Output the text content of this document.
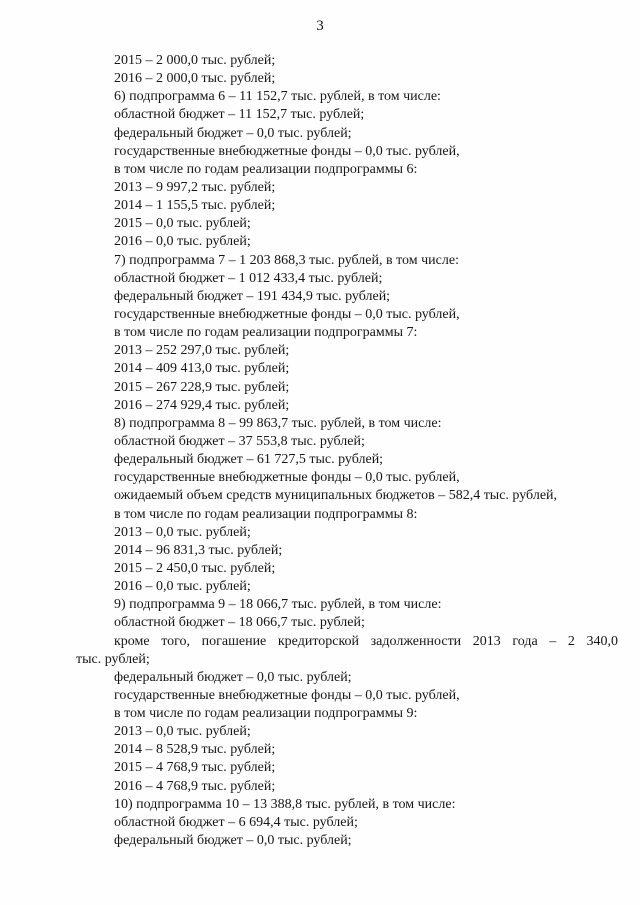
3
2015 – 2 000,0 тыс. рублей;
2016 – 2 000,0 тыс. рублей;
6) подпрограмма 6 – 11 152,7 тыс. рублей, в том числе:
областной бюджет – 11 152,7 тыс. рублей;
федеральный бюджет – 0,0 тыс. рублей;
государственные внебюджетные фонды – 0,0 тыс. рублей,
в том числе по годам реализации подпрограммы 6:
2013 – 9 997,2 тыс. рублей;
2014 – 1 155,5 тыс. рублей;
2015 – 0,0 тыс. рублей;
2016 – 0,0 тыс. рублей;
7) подпрограмма 7 – 1 203 868,3 тыс. рублей, в том числе:
областной бюджет – 1 012 433,4 тыс. рублей;
федеральный бюджет – 191 434,9 тыс. рублей;
государственные внебюджетные фонды – 0,0 тыс. рублей,
в том числе по годам реализации подпрограммы 7:
2013 – 252 297,0 тыс. рублей;
2014 – 409 413,0 тыс. рублей;
2015 – 267 228,9 тыс. рублей;
2016 – 274 929,4 тыс. рублей;
8) подпрограмма 8 – 99 863,7 тыс. рублей, в том числе:
областной бюджет – 37 553,8 тыс. рублей;
федеральный бюджет – 61 727,5 тыс. рублей;
государственные внебюджетные фонды – 0,0 тыс. рублей,
ожидаемый объем средств муниципальных бюджетов – 582,4 тыс. рублей,
в том числе по годам реализации подпрограммы 8:
2013 – 0,0 тыс. рублей;
2014 – 96 831,3 тыс. рублей;
2015 – 2 450,0 тыс. рублей;
2016 – 0,0 тыс. рублей;
9) подпрограмма 9 – 18 066,7 тыс. рублей, в том числе:
областной бюджет – 18 066,7 тыс. рублей;
кроме того, погашение кредиторской задолженности 2013 года – 2 340,0
тыс. рублей;
федеральный бюджет – 0,0 тыс. рублей;
государственные внебюджетные фонды – 0,0 тыс. рублей,
в том числе по годам реализации подпрограммы 9:
2013 – 0,0 тыс. рублей;
2014 – 8 528,9 тыс. рублей;
2015 – 4 768,9 тыс. рублей;
2016 – 4 768,9 тыс. рублей;
10) подпрограмма 10 – 13 388,8 тыс. рублей, в том числе:
областной бюджет – 6 694,4 тыс. рублей;
федеральный бюджет – 0,0 тыс. рублей;
